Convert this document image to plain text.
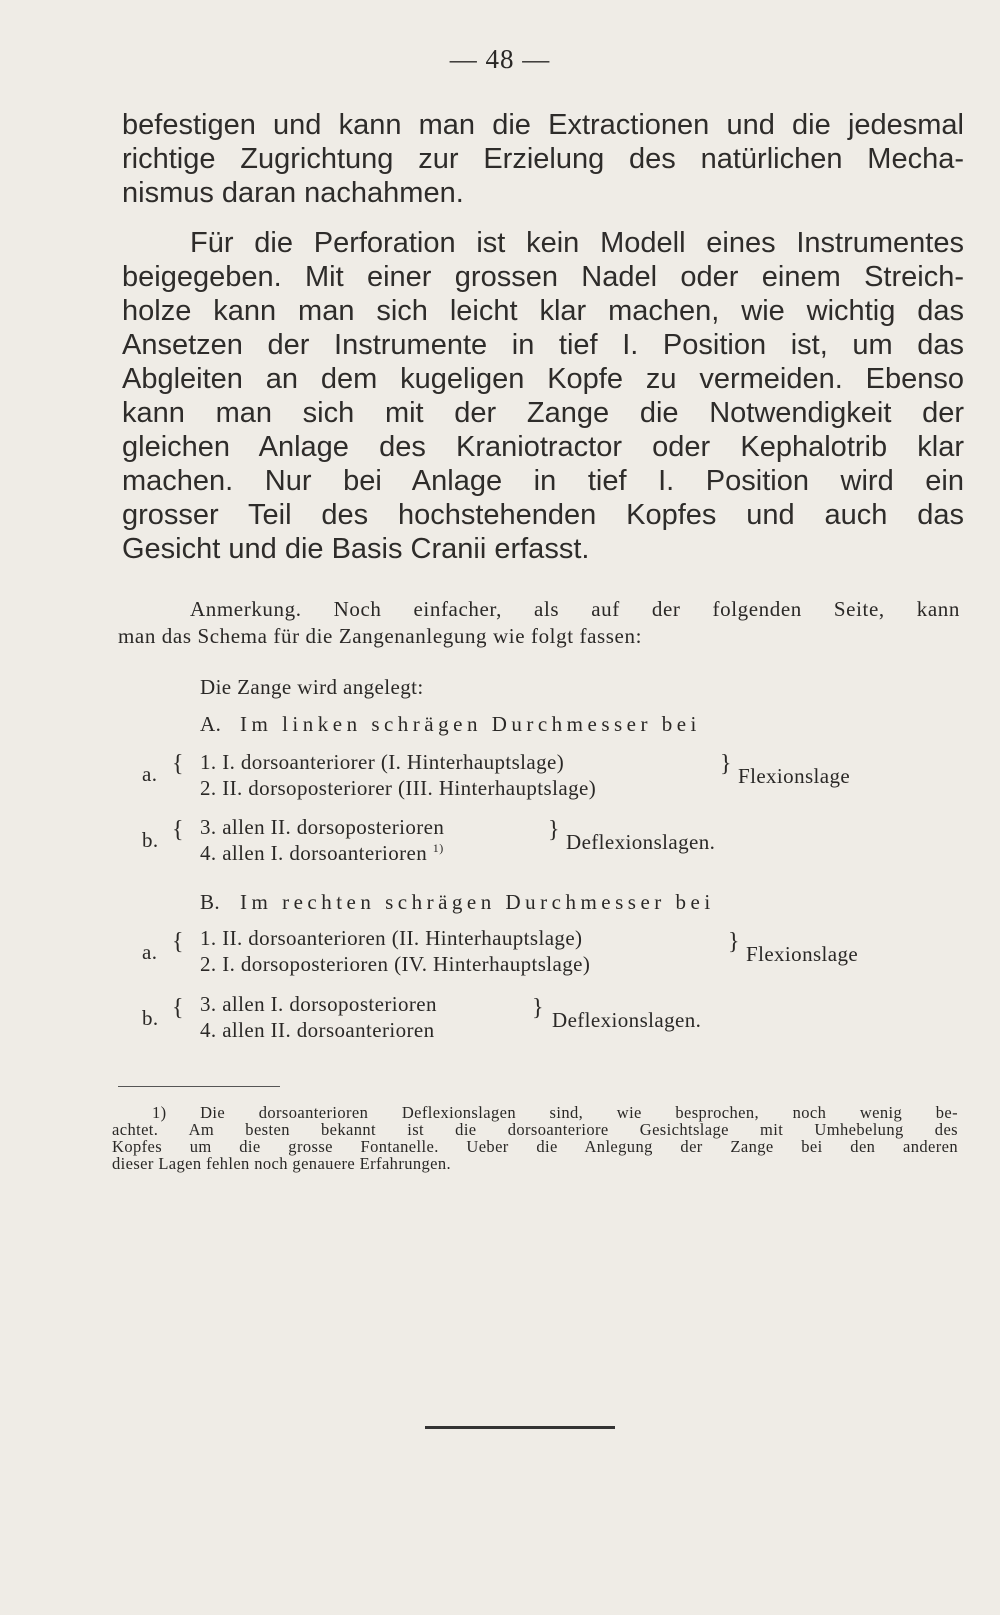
— 48 —
befestigen und kann man die Extractionen und die jedesmal
richtige Zugrichtung zur Erzielung des natürlichen Mecha-
nismus daran nachahmen.
Für die Perforation ist kein Modell eines Instrumentes
beigegeben. Mit einer grossen Nadel oder einem Streich-
holze kann man sich leicht klar machen, wie wichtig das
Ansetzen der Instrumente in tief I. Position ist, um das
Abgleiten an dem kugeligen Kopfe zu vermeiden. Ebenso
kann man sich mit der Zange die Notwendigkeit der
gleichen Anlage des Kraniotractor oder Kephalotrib klar
machen. Nur bei Anlage in tief I. Position wird ein
grosser Teil des hochstehenden Kopfes und auch das
Gesicht und die Basis Cranii erfasst.
Anmerkung. Noch einfacher, als auf der folgenden Seite, kann
man das Schema für die Zangenanlegung wie folgt fassen:
Die Zange wird angelegt:
A. Im linken schrägen Durchmesser bei
a. { 1. I. dorsoanteriorer (I. Hinterhauptslage)
2. II. dorsoposteriorer (III. Hinterhauptslage)
} Flexionslage
b. { 3. allen II. dorsoposterioren
4. allen I. dorsoanterioren $^{1)}$
} Deflexionslagen.
B. Im rechten schrägen Durchmesser bei
a. { 1. II. dorsoanterioren (II. Hinterhauptslage)
2. I. dorsoposterioren (IV. Hinterhauptslage)
} Flexionslage
b. { 3. allen I. dorsoposterioren
4. allen II. dorsoanterioren
} Deflexionslagen.
1) Die dorsoanterioren Deflexionslagen sind, wie besprochen, noch wenig be-
achtet. Am besten bekannt ist die dorsoanteriore Gesichtslage mit Umhebelung des
Kopfes um die grosse Fontanelle. Ueber die Anlegung der Zange bei den anderen
dieser Lagen fehlen noch genauere Erfahrungen.
